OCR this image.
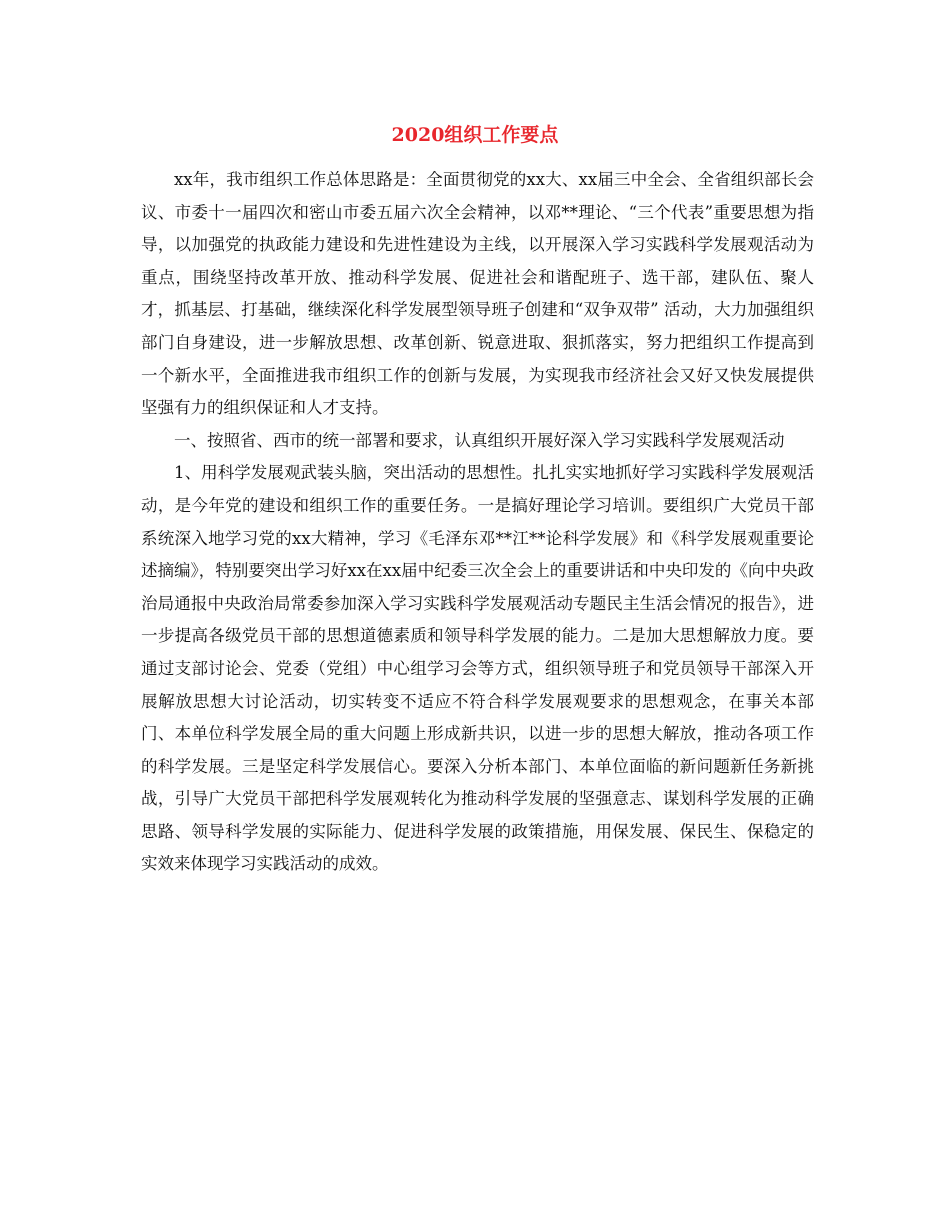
2020组织工作要点

xx年，我市组织工作总体思路是：全面贯彻党的xx大、xx届三中全会、全省组织部长会议、市委十一届四次和密山市委五届六次全会精神，以邓**理论、“三个代表”重要思想为指导，以加强党的执政能力建设和先进性建设为主线，以开展深入学习实践科学发展观活动为重点，围绕坚持改革开放、推动科学发展、促进社会和谐配班子、选干部，建队伍、聚人才，抓基层、打基础，继续深化科学发展型领导班子创建和“双争双带” 活动，大力加强组织部门自身建设，进一步解放思想、改革创新、锐意进取、狠抓落实，努力把组织工作提高到一个新水平，全面推进我市组织工作的创新与发展，为实现我市经济社会又好又快发展提供坚强有力的组织保证和人才支持。

一、按照省、西市的统一部署和要求，认真组织开展好深入学习实践科学发展观活动

1、用科学发展观武装头脑，突出活动的思想性。扎扎实实地抓好学习实践科学发展观活动，是今年党的建设和组织工作的重要任务。一是搞好理论学习培训。要组织广大党员干部系统深入地学习党的xx大精神，学习《毛泽东邓**江**论科学发展》和《科学发展观重要论述摘编》，特别要突出学习好xx在xx届中纪委三次全会上的重要讲话和中央印发的《向中央政治局通报中央政治局常委参加深入学习实践科学发展观活动专题民主生活会情况的报告》，进一步提高各级党员干部的思想道德素质和领导科学发展的能力。二是加大思想解放力度。要通过支部讨论会、党委（党组）中心组学习会等方式，组织领导班子和党员领导干部深入开展解放思想大讨论活动，切实转变不适应不符合科学发展观要求的思想观念，在事关本部门、本单位科学发展全局的重大问题上形成新共识，以进一步的思想大解放，推动各项工作的科学发展。三是坚定科学发展信心。要深入分析本部门、本单位面临的新问题新任务新挑战，引导广大党员干部把科学发展观转化为推动科学发展的坚强意志、谋划科学发展的正确思路、领导科学发展的实际能力、促进科学发展的政策措施，用保发展、保民生、保稳定的实效来体现学习实践活动的成效。
